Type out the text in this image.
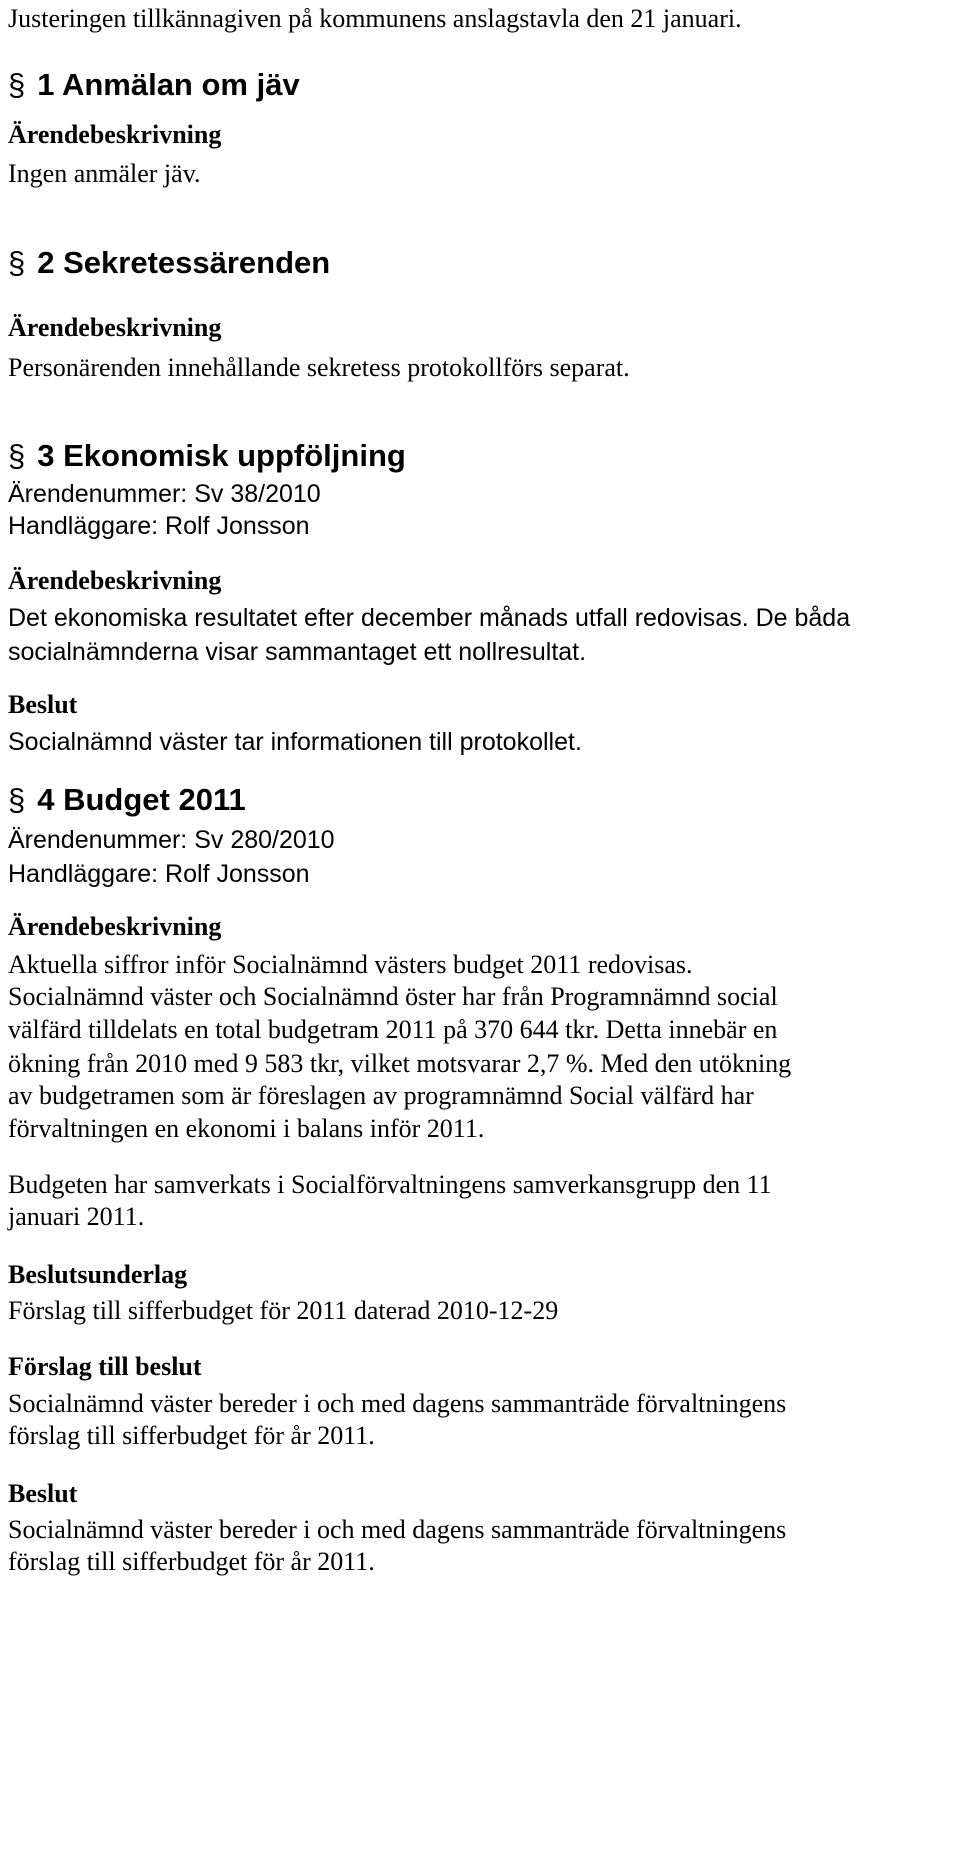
Justeringen tillkännagiven på kommunens anslagstavla den 21 januari.
§ 1 Anmälan om jäv
Ärendebeskrivning
Ingen anmäler jäv.
§ 2 Sekretessärenden
Ärendebeskrivning
Personärenden innehållande sekretess protokollförs separat.
§ 3 Ekonomisk uppföljning
Ärendenummer: Sv 38/2010
Handläggare: Rolf Jonsson
Ärendebeskrivning
Det ekonomiska resultatet efter december månads utfall redovisas. De båda
socialnämnderna visar sammantaget ett nollresultat.
Beslut
Socialnämnd väster tar informationen till protokollet.
§ 4 Budget 2011
Ärendenummer: Sv 280/2010
Handläggare: Rolf Jonsson
Ärendebeskrivning
Aktuella siffror inför Socialnämnd västers budget 2011 redovisas.
Socialnämnd väster och Socialnämnd öster har från Programnämnd social
välfärd tilldelats en total budgetram 2011 på 370 644 tkr. Detta innebär en
ökning från 2010 med 9 583 tkr, vilket motsvarar 2,7 %. Med den utökning
av budgetramen som är föreslagen av programnämnd Social välfärd har
förvaltningen en ekonomi i balans inför 2011.
Budgeten har samverkats i Socialförvaltningens samverkansgrupp den 11
januari 2011.
Beslutsunderlag
Förslag till sifferbudget för 2011 daterad 2010-12-29
Förslag till beslut
Socialnämnd väster bereder i och med dagens sammanträde förvaltningens
förslag till sifferbudget för år 2011.
Beslut
Socialnämnd väster bereder i och med dagens sammanträde förvaltningens
förslag till sifferbudget för år 2011.
